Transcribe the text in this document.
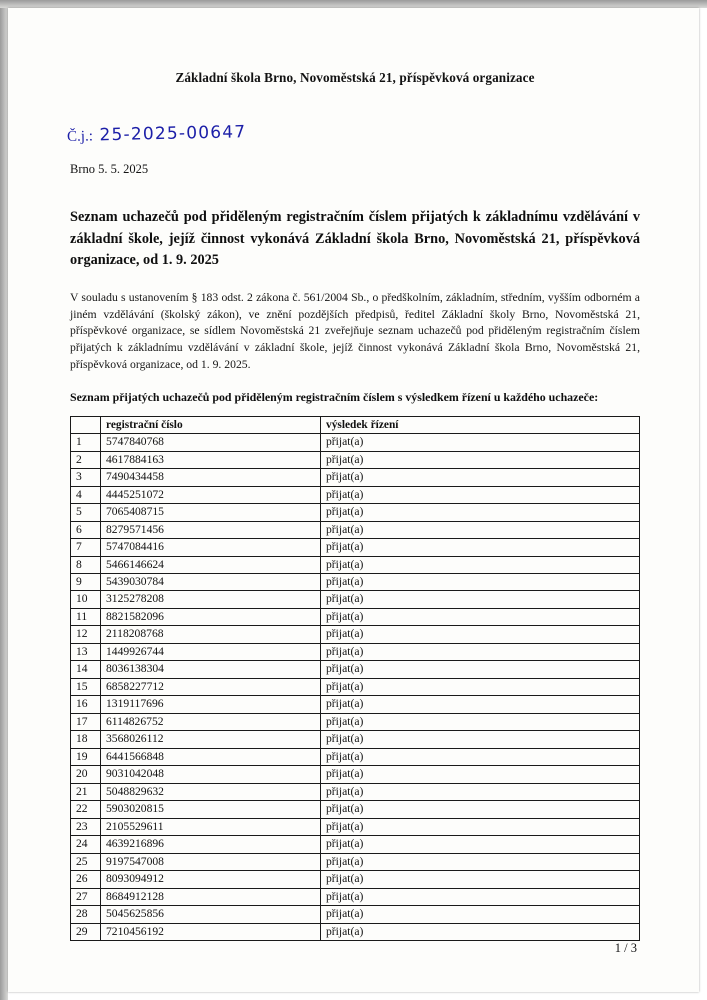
Základní škola Brno, Novoměstská 21, příspěvková organizace
Č.j.: 25-2025-00647
Brno 5. 5. 2025
Seznam uchazečů pod přiděleným registračním číslem přijatých k základnímu vzdělávání v základní škole, jejíž činnost vykonává Základní škola Brno, Novoměstská 21, příspěvková organizace, od 1. 9. 2025
V souladu s ustanovením § 183 odst. 2 zákona č. 561/2004 Sb., o předškolním, základním, středním, vyšším odborném a jiném vzdělávání (školský zákon), ve znění pozdějších předpisů, ředitel Základní školy Brno, Novoměstská 21, příspěvkové organizace, se sídlem Novoměstská 21 zveřejňuje seznam uchazečů pod přiděleným registračním číslem přijatých k základnímu vzdělávání v základní škole, jejíž činnost vykonává Základní škola Brno, Novoměstská 21, příspěvková organizace, od 1. 9. 2025.
Seznam přijatých uchazečů pod přiděleným registračním číslem s výsledkem řízení u každého uchazeče:
	registrační číslo	výsledek řízení
1	5747840768	přijat(a)
2	4617884163	přijat(a)
3	7490434458	přijat(a)
4	4445251072	přijat(a)
5	7065408715	přijat(a)
6	8279571456	přijat(a)
7	5747084416	přijat(a)
8	5466146624	přijat(a)
9	5439030784	přijat(a)
10	3125278208	přijat(a)
11	8821582096	přijat(a)
12	2118208768	přijat(a)
13	1449926744	přijat(a)
14	8036138304	přijat(a)
15	6858227712	přijat(a)
16	1319117696	přijat(a)
17	6114826752	přijat(a)
18	3568026112	přijat(a)
19	6441566848	přijat(a)
20	9031042048	přijat(a)
21	5048829632	přijat(a)
22	5903020815	přijat(a)
23	2105529611	přijat(a)
24	4639216896	přijat(a)
25	9197547008	přijat(a)
26	8093094912	přijat(a)
27	8684912128	přijat(a)
28	5045625856	přijat(a)
29	7210456192	přijat(a)
1 / 3
